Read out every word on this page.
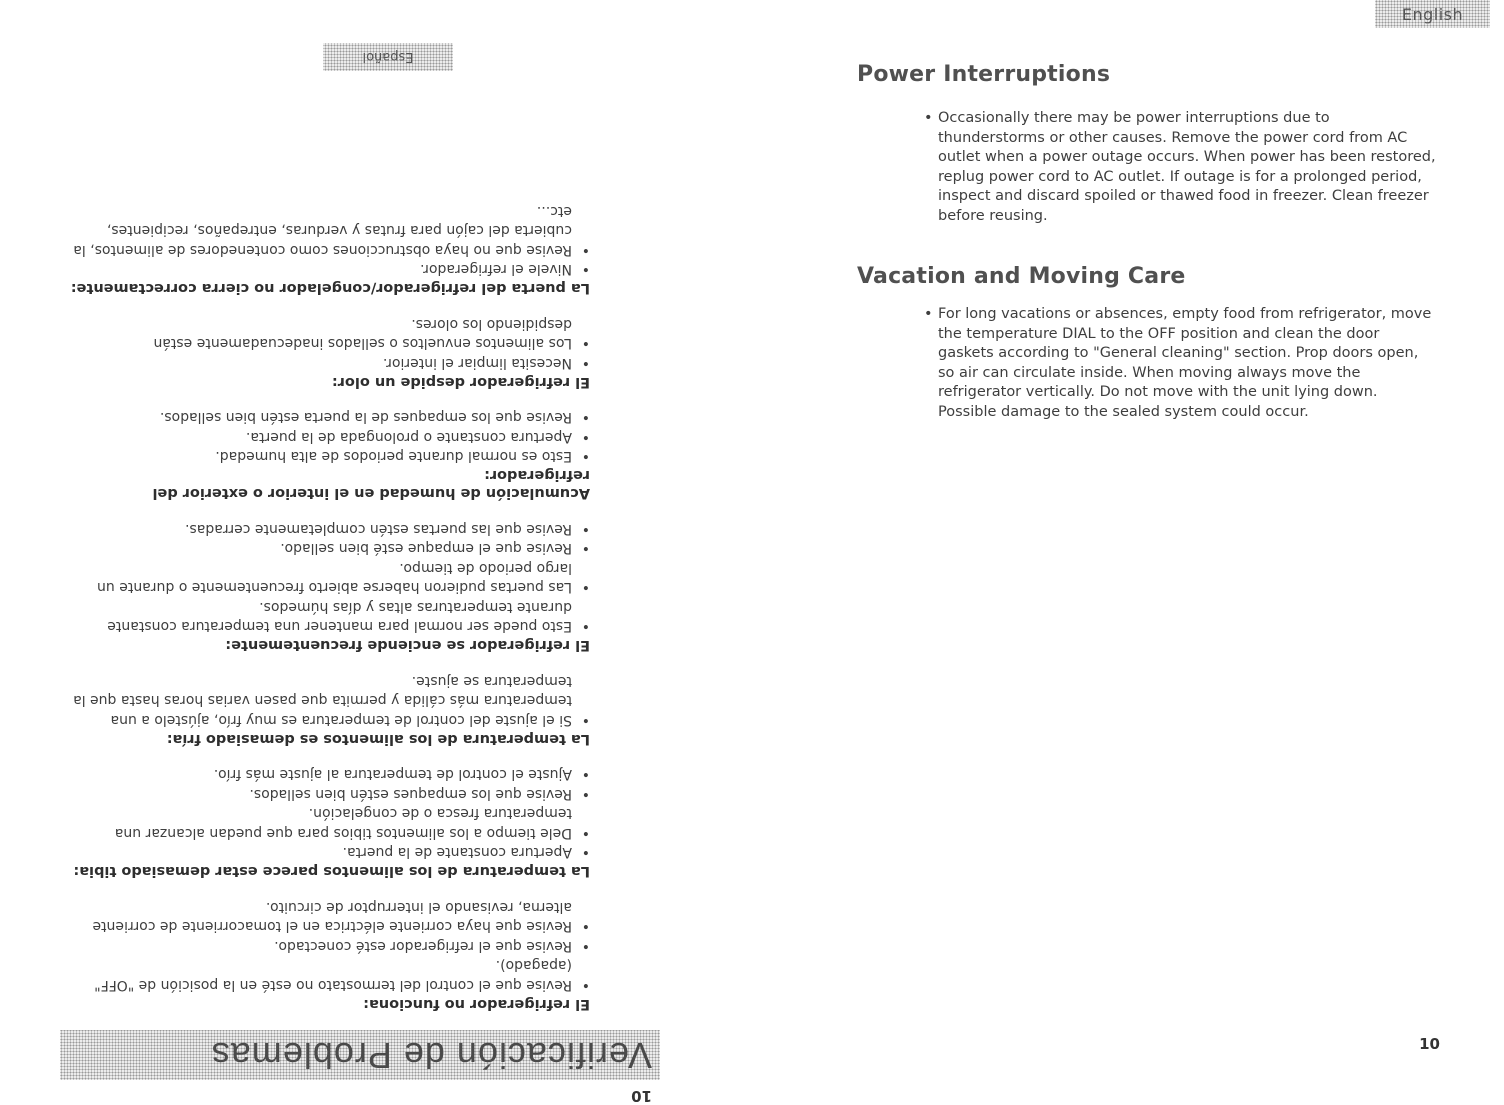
English
Power Interruptions
• Occasionally there may be power interruptions due to thunderstorms or other causes. Remove the power cord from AC outlet when a power outage occurs. When power has been restored, replug power cord to AC outlet. If outage is for a prolonged period, inspect and discard spoiled or thawed food in freezer. Clean freezer before reusing.
Vacation and Moving Care
• For long vacations or absences, empty food from refrigerator, move the temperature DIAL to the OFF position and clean the door gaskets according to "General cleaning" section. Prop doors open, so air can circulate inside. When moving always move the refrigerator vertically. Do not move with the unit lying down. Possible damage to the sealed system could occur.
10
10
Verificación de Problemas

El refrigerador no funciona:

•
Revise que el control del termostato no esté en la posición de "OFF" (apagado).
•
Revise que el refrigerador esté conectado.
•
Revise que haya corriente eléctrica en el tomacorriente de corriente alterna, revisando el interruptor de circuito.

La temperatura de los alimentos parece estar demasiado tibia:

•
Apertura constante de la puerta.
•
Dele tiempo a los alimentos tibios para que puedan alcanzar una temperatura fresca o de congelación.
•
Revise que los empaques estén bien sellados.
•
Ajuste el control de temperatura al ajuste más frío.

La temperatura de los alimentos es demasiado fría:

•
Si el ajuste del control de temperatura es muy frío, ajústelo a una temperatura más cálida y permita que pasen varias horas hasta que la temperatura se ajuste.

El refrigerador se enciende frecuentemente:

•
Esto puede ser normal para mantener una temperatura constante durante temperaturas altas y días húmedos.
•
Las puertas pudieron haberse abierto frecuentemente o durante un largo periodo de tiempo.
•
Revise que el empaque esté bien sellado.
•
Revise que las puertas estén completamente cerradas.

Acumulación de humedad en el interior o exterior del refrigerador:

•
Esto es normal durante periodos de alta humedad.
•
Apertura constante o prolongada de la puerta.
•
Revise que los empaques de la puerta estén bien sellados.

El refrigerador despide un olor:

•
Necesita limpiar el interior.
•
Los alimentos envueltos o sellados inadecuadamente están despidiendo los olores.

La puerta del refrigerador/congelador no cierra correctamente:

•
Nivele el refrigerador.
•
Revise que no haya obstrucciones como contenedores de alimentos, la cubierta del cajón para frutas y verduras, entrepaños, recipientes, etc...
Español
